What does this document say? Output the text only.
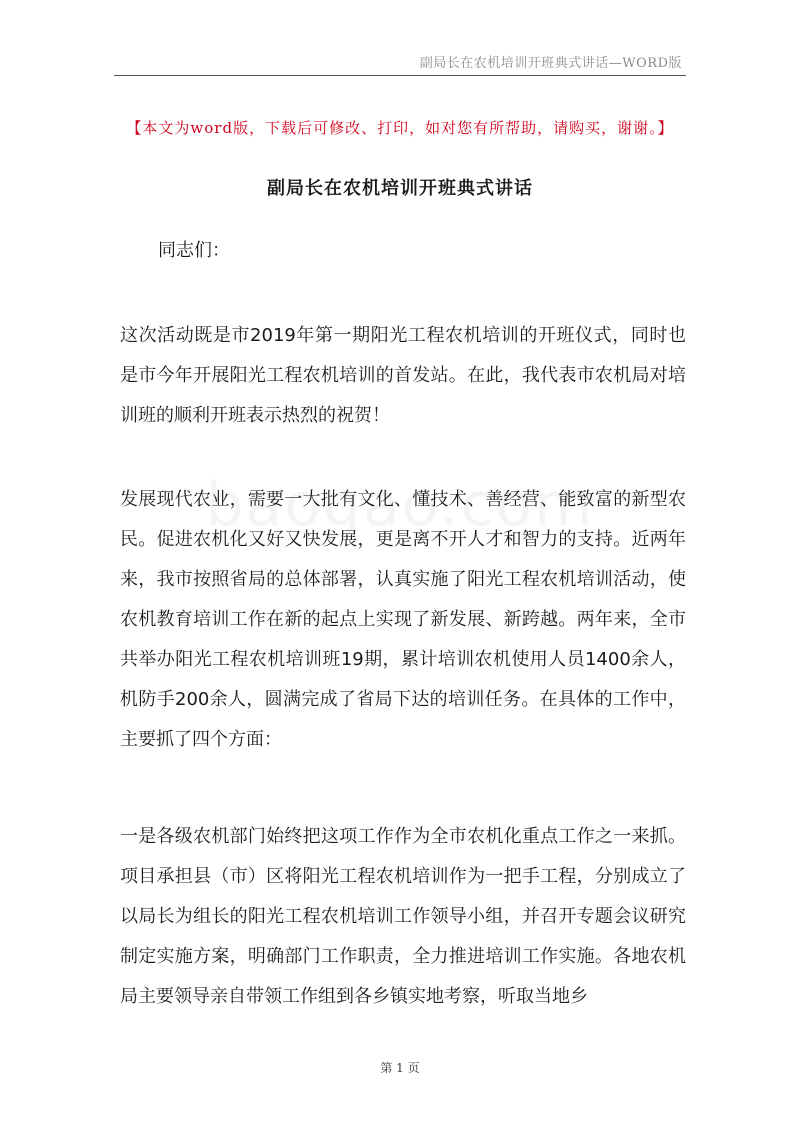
副局长在农机培训开班典式讲话—WORD版
【本文为word版，下载后可修改、打印，如对您有所帮助，请购买，谢谢。】
副局长在农机培训开班典式讲话
同志们：
这次活动既是市2019年第一期阳光工程农机培训的开班仪式，同时也是市今年开展阳光工程农机培训的首发站。在此，我代表市农机局对培训班的顺利开班表示热烈的祝贺！
发展现代农业，需要一大批有文化、懂技术、善经营、能致富的新型农民。促进农机化又好又快发展，更是离不开人才和智力的支持。近两年来，我市按照省局的总体部署，认真实施了阳光工程农机培训活动，使农机教育培训工作在新的起点上实现了新发展、新跨越。两年来，全市共举办阳光工程农机培训班19期，累计培训农机使用人员1400余人，机防手200余人，圆满完成了省局下达的培训任务。在具体的工作中，主要抓了四个方面：
一是各级农机部门始终把这项工作作为全市农机化重点工作之一来抓。项目承担县（市）区将阳光工程农机培训作为一把手工程，分别成立了以局长为组长的阳光工程农机培训工作领导小组，并召开专题会议研究制定实施方案，明确部门工作职责，全力推进培训工作实施。各地农机局主要领导亲自带领工作组到各乡镇实地考察，听取当地乡
第 1 页
